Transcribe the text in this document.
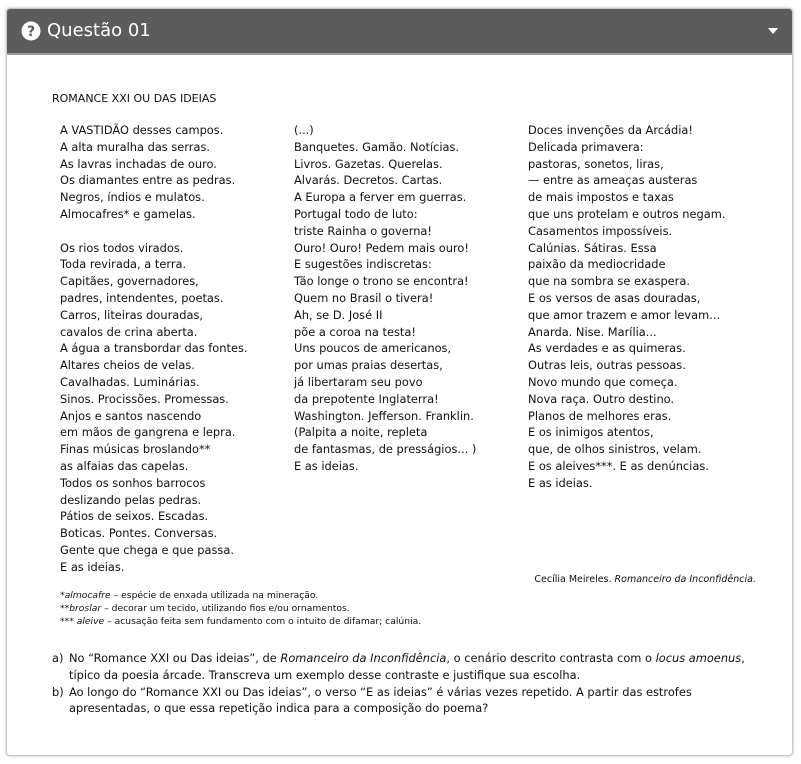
? Questão 01
ROMANCE XXI OU DAS IDEIAS
A VASTIDÃO desses campos.
A alta muralha das serras.
As lavras inchadas de ouro.
Os diamantes entre as pedras.
Negros, índios e mulatos.
Almocafres* e gamelas.
Os rios todos virados.
Toda revirada, a terra.
Capitães, governadores,
padres, intendentes, poetas.
Carros, liteiras douradas,
cavalos de crina aberta.
A água a transbordar das fontes.
Altares cheios de velas.
Cavalhadas. Luminárias.
Sinos. Procissões. Promessas.
Anjos e santos nascendo
em mãos de gangrena e lepra.
Finas músicas broslando**
as alfaias das capelas.
Todos os sonhos barrocos
deslizando pelas pedras.
Pátios de seixos. Escadas.
Boticas. Pontes. Conversas.
Gente que chega e que passa.
E as ideias.
(...)
Banquetes. Gamão. Notícias.
Livros. Gazetas. Querelas.
Alvarás. Decretos. Cartas.
A Europa a ferver em guerras.
Portugal todo de luto:
triste Rainha o governa!
Ouro! Ouro! Pedem mais ouro!
E sugestões indiscretas:
Tão longe o trono se encontra!
Quem no Brasil o tivera!
Ah, se D. José II
põe a coroa na testa!
Uns poucos de americanos,
por umas praias desertas,
já libertaram seu povo
da prepotente Inglaterra!
Washington. Jefferson. Franklin.
(Palpita a noite, repleta
de fantasmas, de presságios... )
E as ideias.
Doces invenções da Arcádia!
Delicada primavera:
pastoras, sonetos, liras,
— entre as ameaças austeras
de mais impostos e taxas
que uns protelam e outros negam.
Casamentos impossíveis.
Calúnias. Sátiras. Essa
paixão da mediocridade
que na sombra se exaspera.
E os versos de asas douradas,
que amor trazem e amor levam...
Anarda. Nise. Marília...
As verdades e as quimeras.
Outras leis, outras pessoas.
Novo mundo que começa.
Nova raça. Outro destino.
Planos de melhores eras.
E os inimigos atentos,
que, de olhos sinistros, velam.
E os aleives***. E as denúncias.
E as ideias.
Cecília Meireles. Romanceiro da Inconfidência.
*almocafre – espécie de enxada utilizada na mineração.
**broslar – decorar um tecido, utilizando fios e/ou ornamentos.
*** aleive – acusação feita sem fundamento com o intuito de difamar; calúnia.
a) No “Romance XXI ou Das ideias”, de Romanceiro da Inconfidência, o cenário descrito contrasta com o locus amoenus, típico da poesia árcade. Transcreva um exemplo desse contraste e justifique sua escolha.
b) Ao longo do “Romance XXI ou Das ideias”, o verso “E as ideias” é várias vezes repetido. A partir das estrofes apresentadas, o que essa repetição indica para a composição do poema?
